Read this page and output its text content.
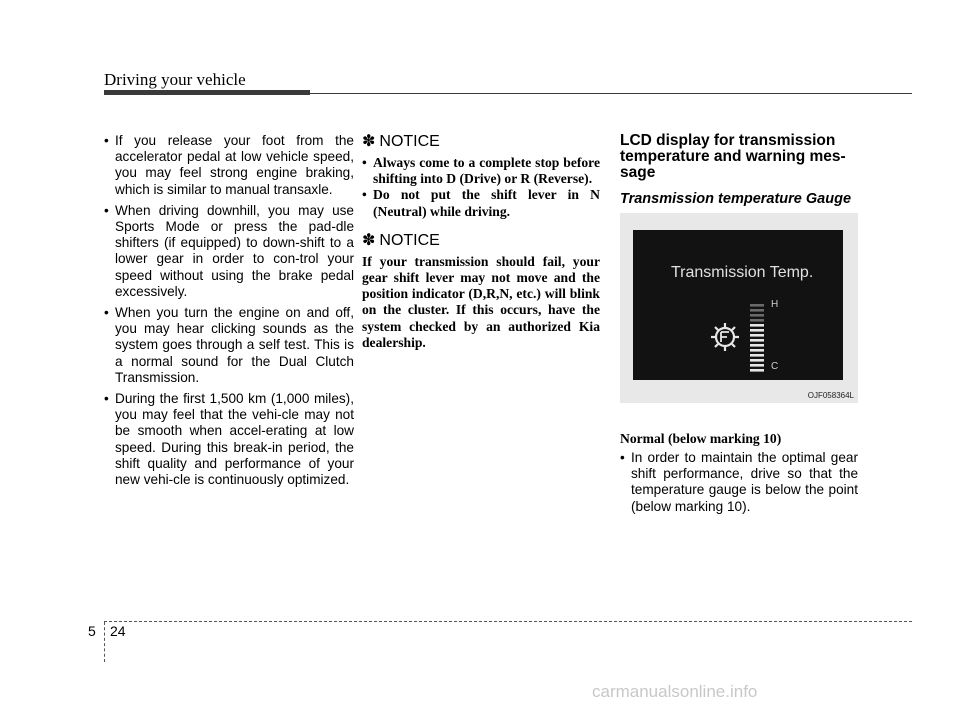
Driving your vehicle
• If you release your foot from the accelerator pedal at low vehicle speed, you may feel strong engine braking, which is similar to manual transaxle.
• When driving downhill, you may use Sports Mode or press the pad-dle shifters (if equipped) to down-shift to a lower gear in order to con-trol your speed without using the brake pedal excessively.
• When you turn the engine on and off, you may hear clicking sounds as the system goes through a self test. This is a normal sound for the Dual Clutch Transmission.
• During the first 1,500 km (1,000 miles), you may feel that the vehi-cle may not be smooth when accel-erating at low speed. During this break-in period, the shift quality and performance of your new vehi-cle is continuously optimized.
✽ NOTICE
• Always come to a complete stop before shifting into D (Drive) or R (Reverse).
• Do not put the shift lever in N (Neutral) while driving.
✽ NOTICE

If your transmission should fail, your gear shift lever may not move and the position indicator (D,R,N, etc.) will blink on the cluster. If this occurs, have the system checked by an authorized Kia dealership.

LCD display for transmission temperature and warning mes-sage
Transmission temperature Gauge
Transmission Temp.
H
C
OJF058364L
Normal (below marking 10)
• In order to maintain the optimal gear shift performance, drive so that the temperature gauge is below the point (below marking 10).
5 24
carmanualsonline.info
